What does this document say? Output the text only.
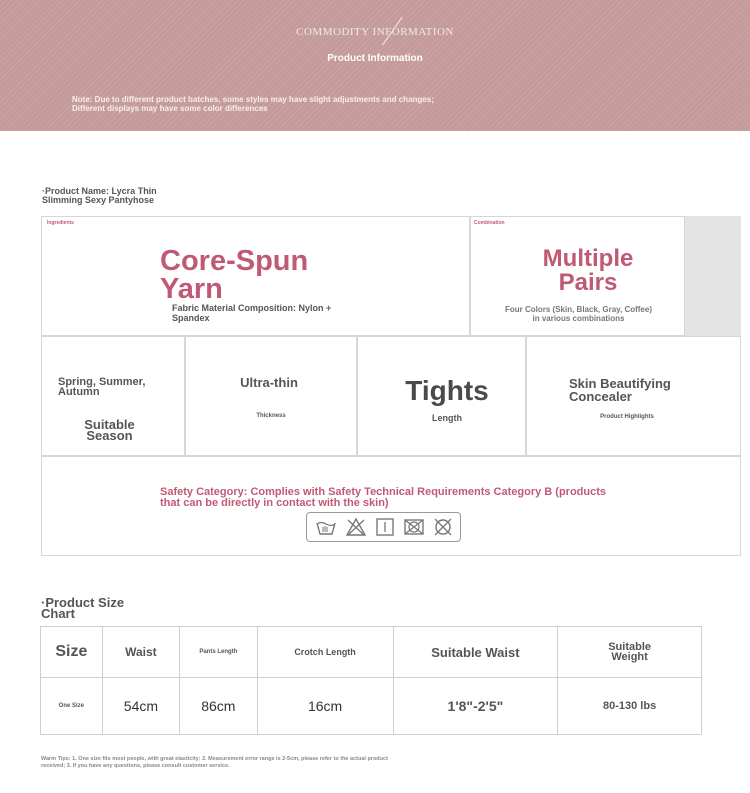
COMMODITY INFORMATION
Product Information
Note: Due to different product batches, some styles may have slight adjustments and changes; Different displays may have some color differences
·Product Name: Lycra Thin Slimming Sexy Pantyhose
Ingredients
Core-Spun Yarn
Fabric Material Composition: Nylon + Spandex
Combination
Multiple Pairs
Four Colors (Skin, Black, Gray, Coffee) in various combinations
Spring, Summer, Autumn
Suitable Season
Ultra-thin
Thickness
Tights
Length
Skin Beautifying Concealer
Product Highlights
Safety Category: Complies with Safety Technical Requirements Category B (products that can be directly in contact with the skin)
·Product Size Chart
Size	Waist	Pants Length	Crotch Length	Suitable Waist	Suitable Weight
One Size	54cm	86cm	16cm	1'8"-2'5"	80-130 lbs
Warm Tips: 1. One size fits most people, with great elasticity; 2. Measurement error range is 2-5cm, please refer to the actual product received; 3. If you have any questions, please consult customer service.
